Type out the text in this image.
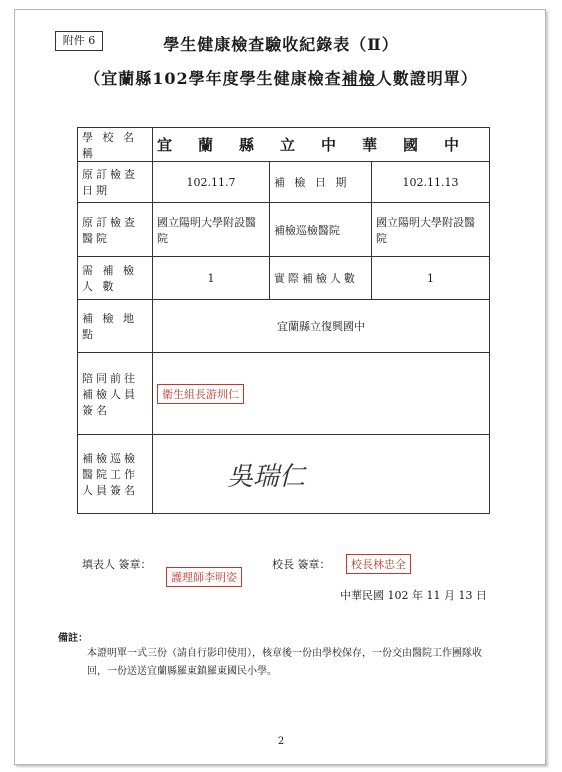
附件 6	學生健康檢查驗收紀錄表（Ⅱ）
（宜蘭縣102學年度學生健康檢查補檢人數證明單）
學 校 名 稱	宜蘭縣立中華國中		
原訂檢查日期	102.11.7	補 檢 日 期	102.11.13
原訂檢查醫院	國立陽明大學附設醫院	補檢巡檢醫院	國立陽明大學附設醫院
需 補 檢 人 數	1	實際補檢人數	1
補 檢 地 點	宜蘭縣立復興國中		
陪同前往補檢人員簽名	衛生組長游圳仁		
補檢巡檢醫院工作人員簽名	吳瑞仁		
填表人 簽章：
護理師李明姿
校長 簽章：	校長林忠全
中華民國 102 年 11 月 13 日
備註：
本證明單一式三份（請自行影印使用），核章後一份由學校保存，一份交由醫院工作團隊收回，一份送送宜蘭縣羅東鎮羅東國民小學。
2
